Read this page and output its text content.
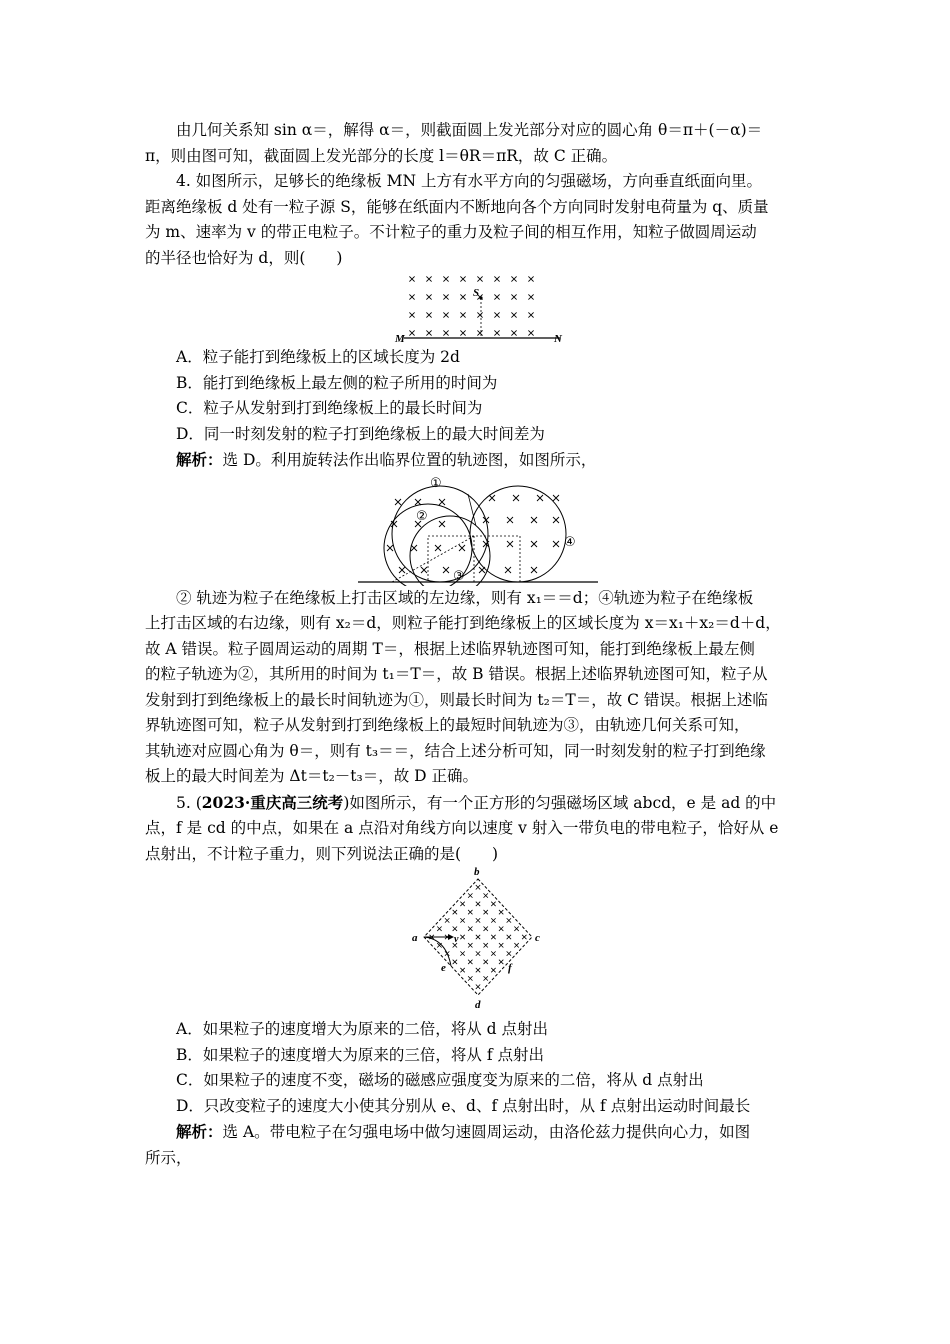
由几何关系知 sin α＝，解得 α＝，则截面圆上发光部分对应的圆心角 θ＝π＋(－α)＝

π，则由图可知，截面圆上发光部分的长度 l＝θR＝πR，故 C 正确。

4. 如图所示，足够长的绝缘板 MN 上方有水平方向的匀强磁场，方向垂直纸面向里。

距离绝缘板 d 处有一粒子源 S，能够在纸面内不断地向各个方向同时发射电荷量为 q、质量

为 m、速率为 v 的带正电粒子。不计粒子的重力及粒子间的相互作用，知粒子做圆周运动

的半径也恰好为 d，则(　　)

S
M	N

A．粒子能打到绝缘板上的区域长度为 2d

B．能打到绝缘板上最左侧的粒子所用的时间为

C．粒子从发射到打到绝缘板上的最长时间为

D．同一时刻发射的粒子打到绝缘板上的最大时间差为

解析：选 D。利用旋转法作出临界位置的轨迹图，如图所示，

①
②
③
④

② 轨迹为粒子在绝缘板上打击区域的左边缘，则有 x₁＝＝d；④轨迹为粒子在绝缘板

上打击区域的右边缘，则有 x₂＝d，则粒子能打到绝缘板上的区域长度为 x＝x₁＋x₂＝d＋d，

故 A 错误。粒子圆周运动的周期 T＝，根据上述临界轨迹图可知，能打到绝缘板上最左侧

的粒子轨迹为②，其所用的时间为 t₁＝T＝，故 B 错误。根据上述临界轨迹图可知，粒子从

发射到打到绝缘板上的最长时间轨迹为①，则最长时间为 t₂＝T＝，故 C 错误。根据上述临

界轨迹图可知，粒子从发射到打到绝缘板上的最短时间轨迹为③，由轨迹几何关系可知，

其轨迹对应圆心角为 θ＝，则有 t₃＝＝，结合上述分析可知，同一时刻发射的粒子打到绝缘

板上的最大时间差为 Δt＝t₂－t₃＝，故 D 正确。

5. (2023·重庆高三统考)如图所示，有一个正方形的匀强磁场区域 abcd，e 是 ad 的中

点，f 是 cd 的中点，如果在 a 点沿对角线方向以速度 v 射入一带负电的带电粒子，恰好从 e

点射出，不计粒子重力，则下列说法正确的是(　　)

b
c
d
a
e	f
v

A．如果粒子的速度增大为原来的二倍，将从 d 点射出

B．如果粒子的速度增大为原来的三倍，将从 f 点射出

C．如果粒子的速度不变，磁场的磁感应强度变为原来的二倍，将从 d 点射出

D．只改变粒子的速度大小使其分别从 e、d、f 点射出时，从 f 点射出运动时间最长

解析：选 A。带电粒子在匀强电场中做匀速圆周运动，由洛伦兹力提供向心力，如图

所示，
